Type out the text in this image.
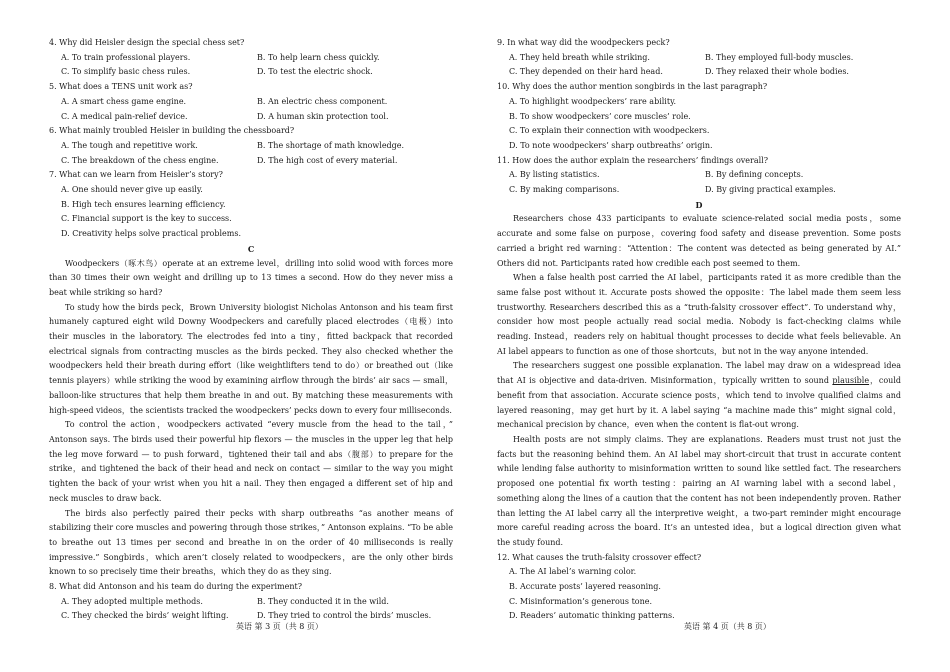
4. Why did Heisler design the special chess set?
A. To train professional players.	B. To help learn chess quickly.
C. To simplify basic chess rules.	D. To test the electric shock.
5. What does a TENS unit work as?
A. A smart chess game engine.	B. An electric chess component.
C. A medical pain-relief device.	D. A human skin protection tool.
6. What mainly troubled Heisler in building the chessboard?
A. The tough and repetitive work.	B. The shortage of math knowledge.
C. The breakdown of the chess engine.	D. The high cost of every material.
7. What can we learn from Heisler’s story?
A. One should never give up easily.
B. High tech ensures learning efficiency.
C. Financial support is the key to success.
D. Creativity helps solve practical problems.
C
Woodpeckers（啄木鸟）operate at an extreme level，drilling into solid wood with forces more than 30 times their own weight and drilling up to 13 times a second. How do they never miss a beat while striking so hard?
To study how the birds peck，Brown University biologist Nicholas Antonson and his team first humanely captured eight wild Downy Woodpeckers and carefully placed electrodes（电极）into their muscles in the laboratory. The electrodes fed into a tiny，fitted backpack that recorded electrical signals from contracting muscles as the birds pecked. They also checked whether the woodpeckers held their breath during effort（like weightlifters tend to do）or breathed out（like tennis players）while striking the wood by examining airflow through the birds’ air sacs — small，balloon-like structures that help them breathe in and out. By matching these measurements with high-speed videos，the scientists tracked the woodpeckers’ pecks down to every four milliseconds.
To control the action，woodpeckers activated “every muscle from the head to the tail，” Antonson says. The birds used their powerful hip flexors — the muscles in the upper leg that help the leg move forward — to push forward，tightened their tail and abs（腹部）to prepare for the strike，and tightened the back of their head and neck on contact — similar to the way you might tighten the back of your wrist when you hit a nail. They then engaged a different set of hip and neck muscles to draw back.
The birds also perfectly paired their pecks with sharp outbreaths “as another means of stabilizing their core muscles and powering through those strikes，” Antonson explains. “To be able to breathe out 13 times per second and breathe in on the order of 40 milliseconds is really impressive.” Songbirds，which aren’t closely related to woodpeckers，are the only other birds known to so precisely time their breaths，which they do as they sing.
8. What did Antonson and his team do during the experiment?
A. They adopted multiple methods.	B. They conducted it in the wild.
C. They checked the birds’ weight lifting.	D. They tried to control the birds’ muscles.
9. In what way did the woodpeckers peck?
A. They held breath while striking.	B. They employed full-body muscles.
C. They depended on their hard head.	D. They relaxed their whole bodies.
10. Why does the author mention songbirds in the last paragraph?
A. To highlight woodpeckers’ rare ability.
B. To show woodpeckers’ core muscles’ role.
C. To explain their connection with woodpeckers.
D. To note woodpeckers’ sharp outbreaths’ origin.
11. How does the author explain the researchers’ findings overall?
A. By listing statistics.	B. By defining concepts.
C. By making comparisons.	D. By giving practical examples.
D
Researchers chose 433 participants to evaluate science-related social media posts，some accurate and some false on purpose，covering food safety and disease prevention. Some posts carried a bright red warning：“Attention：The content was detected as being generated by AI.” Others did not. Participants rated how credible each post seemed to them.
When a false health post carried the AI label，participants rated it as more credible than the same false post without it. Accurate posts showed the opposite：The label made them seem less trustworthy. Researchers described this as a “truth-falsity crossover effect”. To understand why，consider how most people actually read social media. Nobody is fact-checking claims while reading. Instead，readers rely on habitual thought processes to decide what feels believable. An AI label appears to function as one of those shortcuts，but not in the way anyone intended.
The researchers suggest one possible explanation. The label may draw on a widespread idea that AI is objective and data-driven. Misinformation，typically written to sound plausible，could benefit from that association. Accurate science posts，which tend to involve qualified claims and layered reasoning，may get hurt by it. A label saying “a machine made this” might signal cold，mechanical precision by chance，even when the content is flat-out wrong.
Health posts are not simply claims. They are explanations. Readers must trust not just the facts but the reasoning behind them. An AI label may short-circuit that trust in accurate content while lending false authority to misinformation written to sound like settled fact. The researchers proposed one potential fix worth testing：pairing an AI warning label with a second label，something along the lines of a caution that the content has not been independently proven. Rather than letting the AI label carry all the interpretive weight，a two-part reminder might encourage more careful reading across the board. It’s an untested idea，but a logical direction given what the study found.
12. What causes the truth-falsity crossover effect?
A. The AI label’s warning color.
B. Accurate posts’ layered reasoning.
C. Misinformation’s generous tone.
D. Readers’ automatic thinking patterns.
英语 第 3 页（共 8 页）	英语 第 4 页（共 8 页）
